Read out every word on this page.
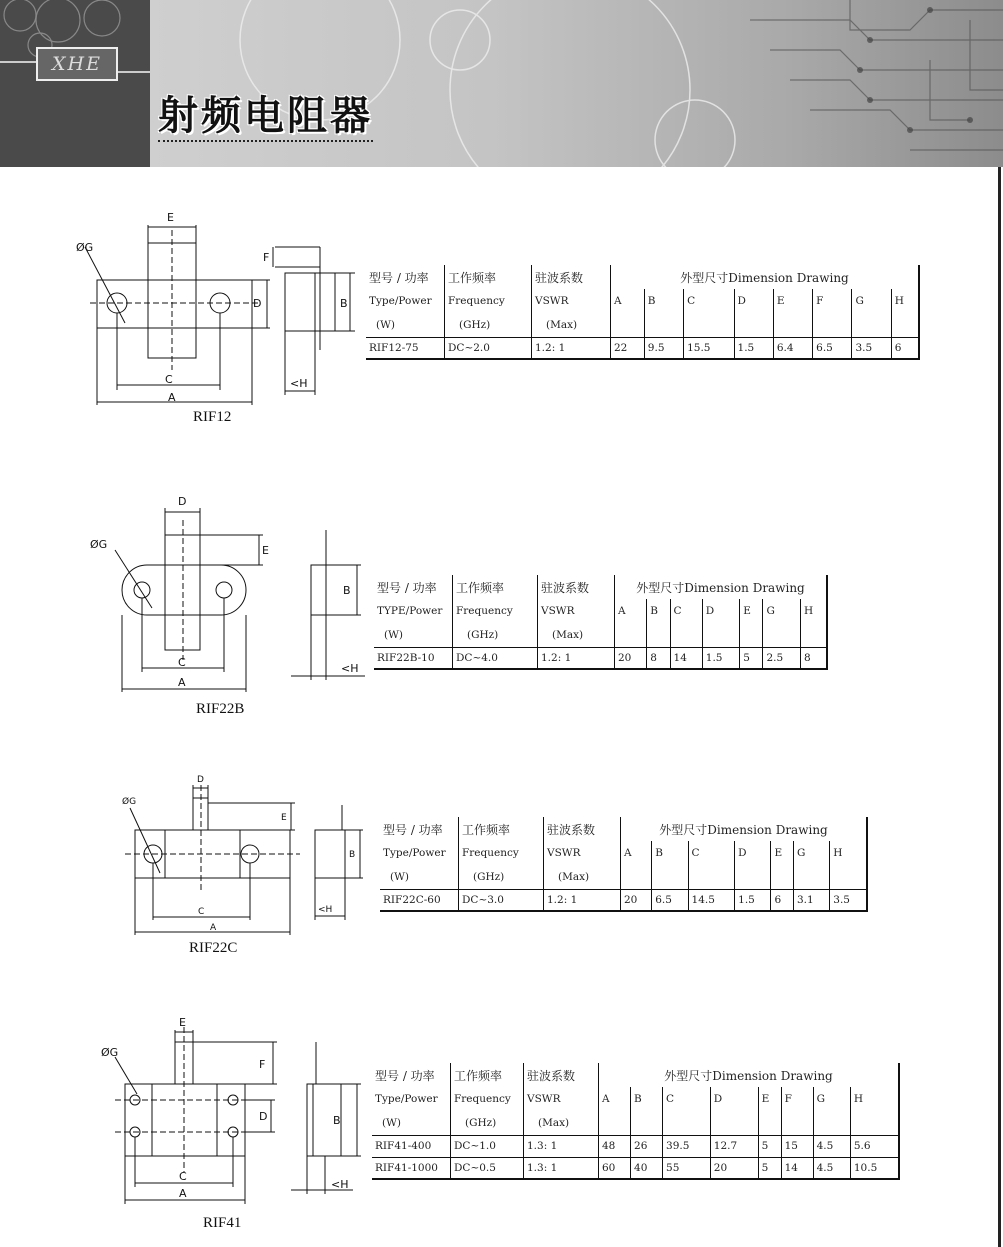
XHE
射频电阻器
E
ØG
C
A
D
F
B
<H
RIF12
型号 / 功率	工作频率	驻波系数	外型尺寸Dimension Drawing							
Type/Power	Frequency	VSWR	A	B	C	D	E	F	G	H
(W)	(GHz)	(Max)								
RIF12-75	DC~2.0	1.2: 1	22	9.5	15.5	1.5	6.4	6.5	3.5	6
D
ØG	E
C
A
B
<H
RIF22B
型号 / 功率	工作频率	驻波系数	外型尺寸Dimension Drawing						
TYPE/Power	Frequency	VSWR	A	B	C	D	E	G	H
(W)	(GHz)	(Max)							
RIF22B-10	DC~4.0	1.2: 1	20	8	14	1.5	5	2.5	8
D
ØG
E
C
A
B
<H
RIF22C
型号 / 功率	工作频率	驻波系数	外型尺寸Dimension Drawing						
Type/Power	Frequency	VSWR	A	B	C	D	E	G	H
(W)	(GHz)	(Max)							
RIF22C-60	DC~3.0	1.2: 1	20	6.5	14.5	1.5	6	3.1	3.5
E
ØG
F
D
C
A
B
<H
RIF41
型号 / 功率	工作频率	驻波系数	外型尺寸Dimension Drawing							
Type/Power	Frequency	VSWR	A	B	C	D	E	F	G	H
(W)	(GHz)	(Max)								
RIF41-400	DC~1.0	1.3: 1	48	26	39.5	12.7	5	15	4.5	5.6
RIF41-1000	DC~0.5	1.3: 1	60	40	55	20	5	14	4.5	10.5
